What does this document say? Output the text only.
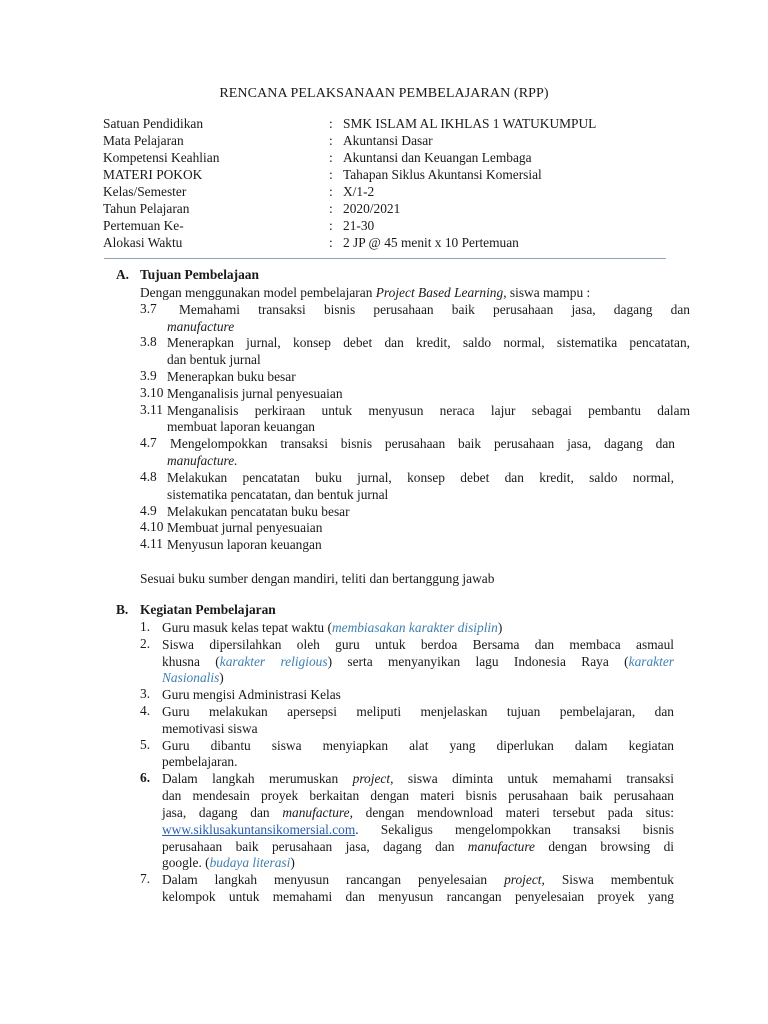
RENCANA PELAKSANAAN PEMBELAJARAN (RPP)
Satuan Pendidikan	: SMK ISLAM AL IKHLAS 1 WATUKUMPUL
Mata Pelajaran	: Akuntansi Dasar
Kompetensi Keahlian	: Akuntansi dan Keuangan Lembaga
MATERI POKOK	: Tahapan Siklus Akuntansi Komersial
Kelas/Semester	: X/1-2
Tahun Pelajaran	: 2020/2021
Pertemuan Ke-	: 21-30
Alokasi Waktu	: 2 JP @ 45 menit x 10 Pertemuan
A. Tujuan Pembelajaan
Dengan menggunakan model pembelajaran Project Based Learning, siswa mampu :
3.7	Memahami transaksi bisnis perusahaan baik perusahaan jasa, dagang dan
manufacture
3.8 Menerapkan jurnal, konsep debet dan kredit, saldo normal, sistematika pencatatan,
dan bentuk jurnal
3.9 Menerapkan buku besar
3.10 Menganalisis jurnal penyesuaian
3.11 Menganalisis perkiraan untuk menyusun neraca lajur sebagai pembantu dalam
membuat laporan keuangan
4.7 Mengelompokkan transaksi bisnis perusahaan baik perusahaan jasa, dagang dan
manufacture.
4.8 Melakukan pencatatan buku jurnal, konsep debet dan kredit, saldo normal,
sistematika pencatatan, dan bentuk jurnal
4.9 Melakukan pencatatan buku besar
4.10 Membuat jurnal penyesuaian
4.11 Menyusun laporan keuangan
Sesuai buku sumber dengan mandiri, teliti dan bertanggung jawab
B. Kegiatan Pembelajaran
1. Guru masuk kelas tepat waktu (membiasakan karakter disiplin)
2. Siswa dipersilahkan oleh guru untuk berdoa Bersama dan membaca asmaul
khusna (karakter religious) serta menyanyikan lagu Indonesia Raya (karakter
Nasionalis)
3. Guru mengisi Administrasi Kelas
4. Guru melakukan apersepsi meliputi menjelaskan tujuan pembelajaran, dan
memotivasi siswa
5. Guru dibantu siswa menyiapkan alat yang diperlukan dalam kegiatan
pembelajaran.
6. Dalam langkah merumuskan project, siswa diminta untuk memahami transaksi
dan mendesain proyek berkaitan dengan materi bisnis perusahaan baik perusahaan
jasa, dagang dan manufacture, dengan mendownload materi tersebut pada situs:
www.siklusakuntansikomersial.com. Sekaligus mengelompokkan transaksi bisnis
perusahaan baik perusahaan jasa, dagang dan manufacture dengan browsing di
google. (budaya literasi)
7. Dalam langkah menyusun rancangan penyelesaian project, Siswa membentuk
kelompok untuk memahami dan menyusun rancangan penyelesaian proyek yang
